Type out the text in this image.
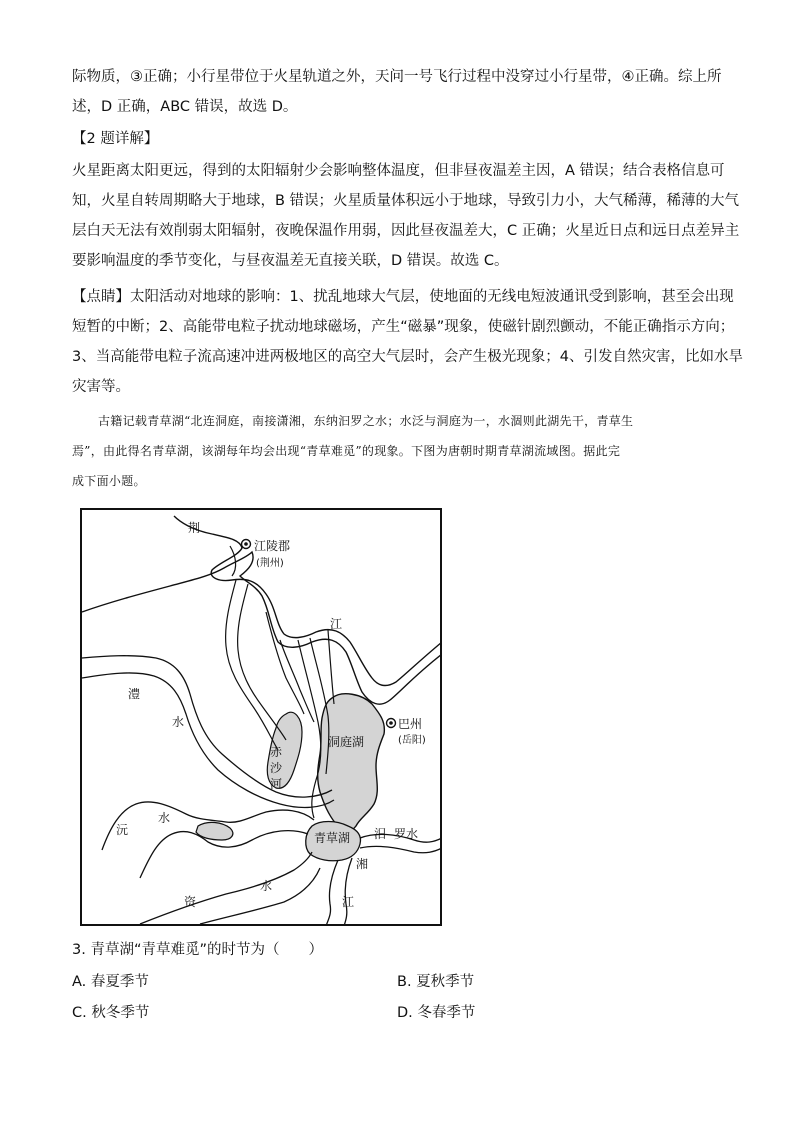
际物质，③正确；小行星带位于火星轨道之外，天问一号飞行过程中没穿过小行星带，④正确。综上所
述，D 正确，ABC 错误，故选 D。
【2 题详解】
火星距离太阳更远，得到的太阳辐射少会影响整体温度，但非昼夜温差主因，A 错误；结合表格信息可
知，火星自转周期略大于地球，B 错误；火星质量体积远小于地球，导致引力小，大气稀薄，稀薄的大气
层白天无法有效削弱太阳辐射，夜晚保温作用弱，因此昼夜温差大，C 正确；火星近日点和远日点差异主
要影响温度的季节变化，与昼夜温差无直接关联，D 错误。故选 C。
【点睛】太阳活动对地球的影响：1、扰乱地球大气层，使地面的无线电短波通讯受到影响，甚至会出现
短暂的中断；2、高能带电粒子扰动地球磁场，产生“磁暴”现象，使磁针剧烈颤动，不能正确指示方向；
3、当高能带电粒子流高速冲进两极地区的高空大气层时，会产生极光现象；4、引发自然灾害，比如水旱
灾害等。
古籍记载青草湖“北连洞庭，南接潇湘，东纳汩罗之水；水泛与洞庭为一，水涸则此湖先干，青草生
焉”，由此得名青草湖，该湖每年均会出现“青草难觅”的现象。下图为唐朝时期青草湖流域图。据此完
成下面小题。
荆
江陵郡
(荆州)
江
澧
水	巴州
(岳阳)
洞庭湖
赤
沙
河
沅
水
青草湖 汨 罗水
湘
江
资
水
3. 青草湖“青草难觅”的时节为（　　）
A. 春夏季节	B. 夏秋季节
C. 秋冬季节	D. 冬春季节
